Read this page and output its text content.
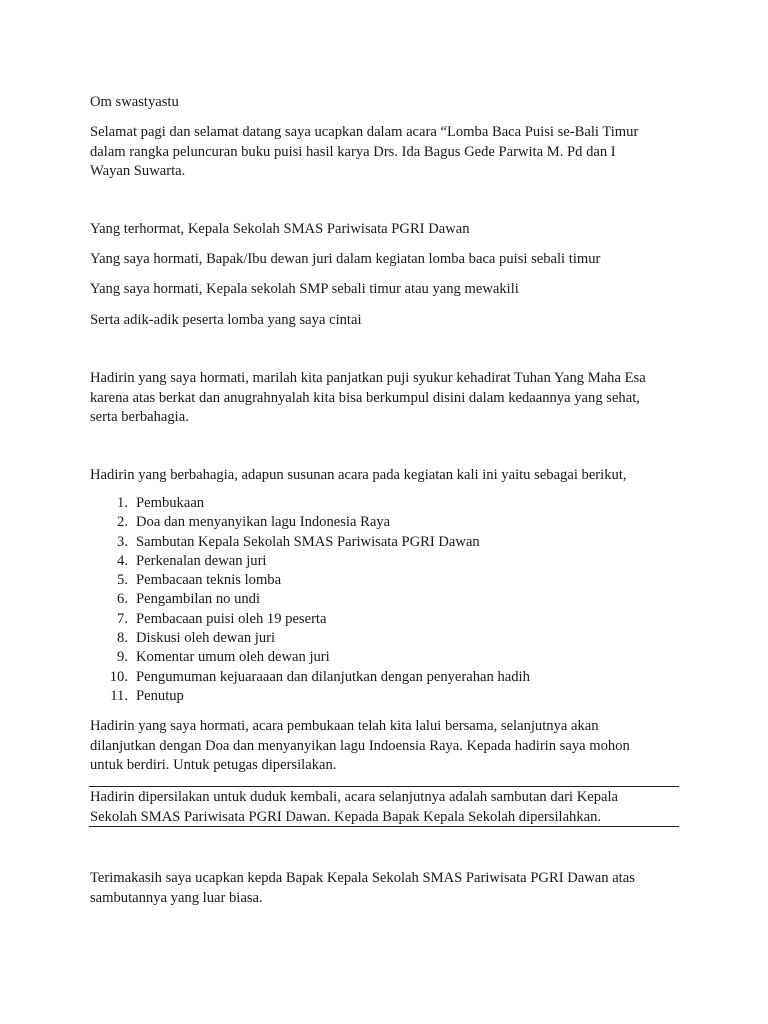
Om swastyastu

Selamat pagi dan selamat datang saya ucapkan dalam acara “Lomba Baca Puisi se-Bali Timur
dalam rangka peluncuran buku puisi hasil karya Drs. Ida Bagus Gede Parwita M. Pd dan I
Wayan Suwarta.

Yang terhormat, Kepala Sekolah SMAS Pariwisata PGRI Dawan

Yang saya hormati, Bapak/Ibu dewan juri dalam kegiatan lomba baca puisi sebali timur

Yang saya hormati, Kepala sekolah SMP sebali timur atau yang mewakili

Serta adik-adik peserta lomba yang saya cintai

Hadirin yang saya hormati, marilah kita panjatkan puji syukur kehadirat Tuhan Yang Maha Esa
karena atas berkat dan anugrahnyalah kita bisa berkumpul disini dalam kedaannya yang sehat,
serta berbahagia.

Hadirin yang berbahagia, adapun susunan acara pada kegiatan kali ini yaitu sebagai berikut,

1. Pembukaan
2. Doa dan menyanyikan lagu Indonesia Raya
3. Sambutan Kepala Sekolah SMAS Pariwisata PGRI Dawan
4. Perkenalan dewan juri
5. Pembacaan teknis lomba
6. Pengambilan no undi
7. Pembacaan puisi oleh 19 peserta
8. Diskusi oleh dewan juri
9. Komentar umum oleh dewan juri
10. Pengumuman kejuaraaan dan dilanjutkan dengan penyerahan hadih
11. Penutup

Hadirin yang saya hormati, acara pembukaan telah kita lalui bersama, selanjutnya akan
dilanjutkan dengan Doa dan menyanyikan lagu Indoensia Raya. Kepada hadirin saya mohon
untuk berdiri. Untuk petugas dipersilakan.

Hadirin dipersilakan untuk duduk kembali, acara selanjutnya adalah sambutan dari Kepala
Sekolah SMAS Pariwisata PGRI Dawan. Kepada Bapak Kepala Sekolah dipersilahkan.

Terimakasih saya ucapkan kepda Bapak Kepala Sekolah SMAS Pariwisata PGRI Dawan atas
sambutannya yang luar biasa.
